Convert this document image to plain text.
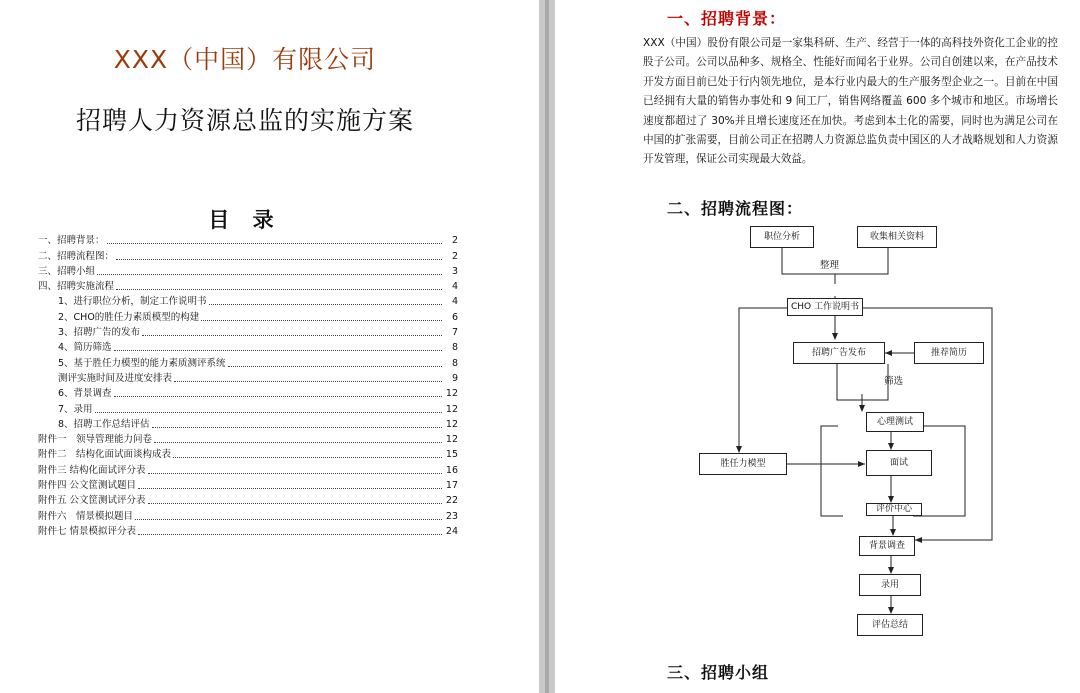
XXX（中国）有限公司
招聘人力资源总监的实施方案
目 录
一、招聘背景：	2
二、招聘流程图：	2
三、招聘小组	3
四、招聘实施流程	4
1、进行职位分析，制定工作说明书	4
2、CHO的胜任力素质模型的构建	6
3、招聘广告的发布	7
4、简历筛选	8
5、基于胜任力模型的能力素质测评系统	8
测评实施时间及进度安排表	9
6、背景调查	12
7、录用	12
8、招聘工作总结评估	12
附件一　领导管理能力问卷	12
附件二　结构化面试面谈构成表	15
附件三 结构化面试评分表	16
附件四 公文筐测试题目	17
附件五 公文筐测试评分表	22
附件六　情景模拟题目	23
附件七 情景模拟评分表	24
一、招聘背景：

XXX（中国）股份有限公司是一家集科研、生产、经营于一体的高科技外资化工企业的控股子公司。公司以品种多、规格全、性能好而闻名于业界。公司自创建以来，在产品技术开发方面目前已处于行内领先地位，是本行业内最大的生产服务型企业之一。目前在中国已经拥有大量的销售办事处和 9 间工厂，销售网络覆盖 600 多个城市和地区。市场增长速度都超过了 30%并且增长速度还在加快。考虑到本土化的需要，同时也为满足公司在中国的扩张需要，目前公司正在招聘人力资源总监负责中国区的人才战略规划和人力资源开发管理，保证公司实现最大效益。

二、招聘流程图：
职位分析	收集相关资料
整理
CHO 工作说明书
招聘广告发布	推荐简历
筛选
心理测试
胜任力模型	面试
评价中心
背景调查
录用
评估总结
三、招聘小组
